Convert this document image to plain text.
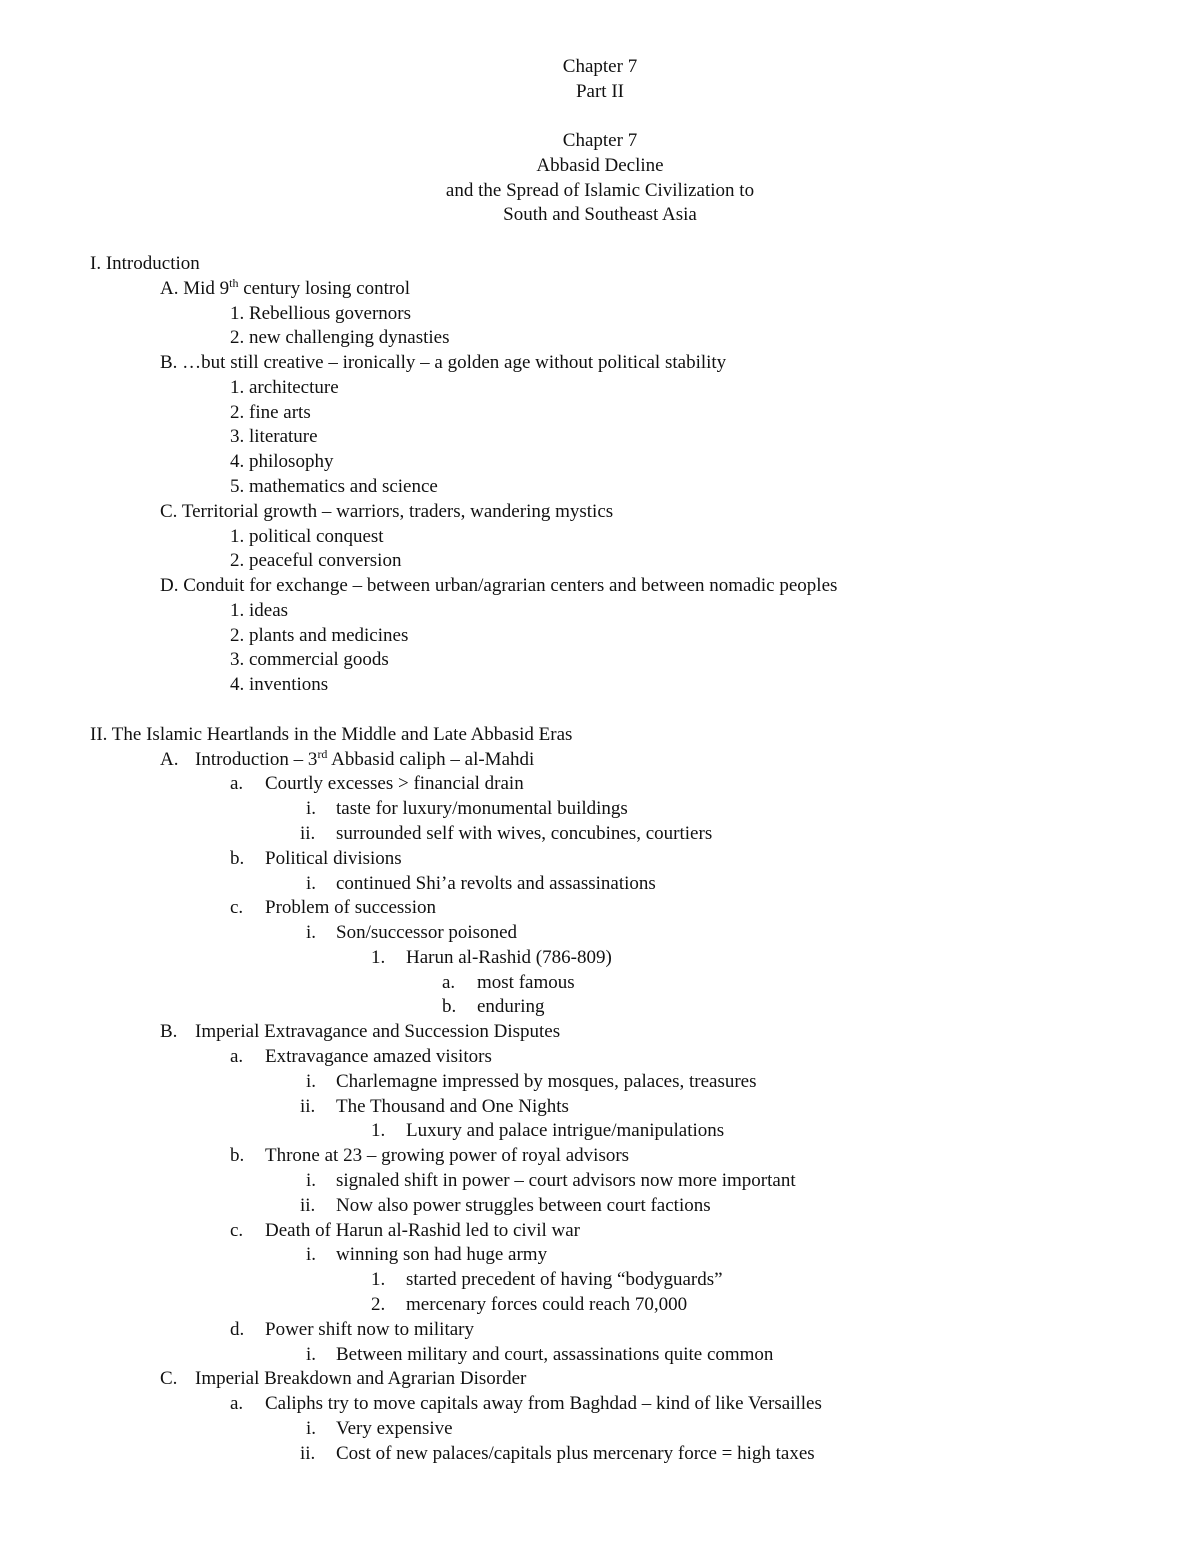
Chapter 7
Part II
Chapter 7
Abbasid Decline
and the Spread of Islamic Civilization to
South and Southeast Asia
I. Introduction
A. Mid 9th century losing control
1. Rebellious governors
2. new challenging dynasties
B. …but still creative – ironically – a golden age without political stability
1. architecture
2. fine arts
3. literature
4. philosophy
5. mathematics and science
C. Territorial growth – warriors, traders, wandering mystics
1. political conquest
2. peaceful conversion
D. Conduit for exchange – between urban/agrarian centers and between nomadic peoples
1. ideas
2. plants and medicines
3. commercial goods
4. inventions
II. The Islamic Heartlands in the Middle and Late Abbasid Eras
A. Introduction – 3rd Abbasid caliph – al-Mahdi
a. Courtly excesses > financial drain
i. taste for luxury/monumental buildings
ii. surrounded self with wives, concubines, courtiers
b. Political divisions
i. continued Shi’a revolts and assassinations
c. Problem of succession
i. Son/successor poisoned
1. Harun al-Rashid (786-809)
a. most famous
b. enduring
B. Imperial Extravagance and Succession Disputes
a. Extravagance amazed visitors
i. Charlemagne impressed by mosques, palaces, treasures
ii. The Thousand and One Nights
1. Luxury and palace intrigue/manipulations
b. Throne at 23 – growing power of royal advisors
i. signaled shift in power – court advisors now more important
ii. Now also power struggles between court factions
c. Death of Harun al-Rashid led to civil war
i. winning son had huge army
1. started precedent of having “bodyguards”
2. mercenary forces could reach 70,000
d. Power shift now to military
i. Between military and court, assassinations quite common
C. Imperial Breakdown and Agrarian Disorder
a. Caliphs try to move capitals away from Baghdad – kind of like Versailles
i. Very expensive
ii. Cost of new palaces/capitals plus mercenary force = high taxes
